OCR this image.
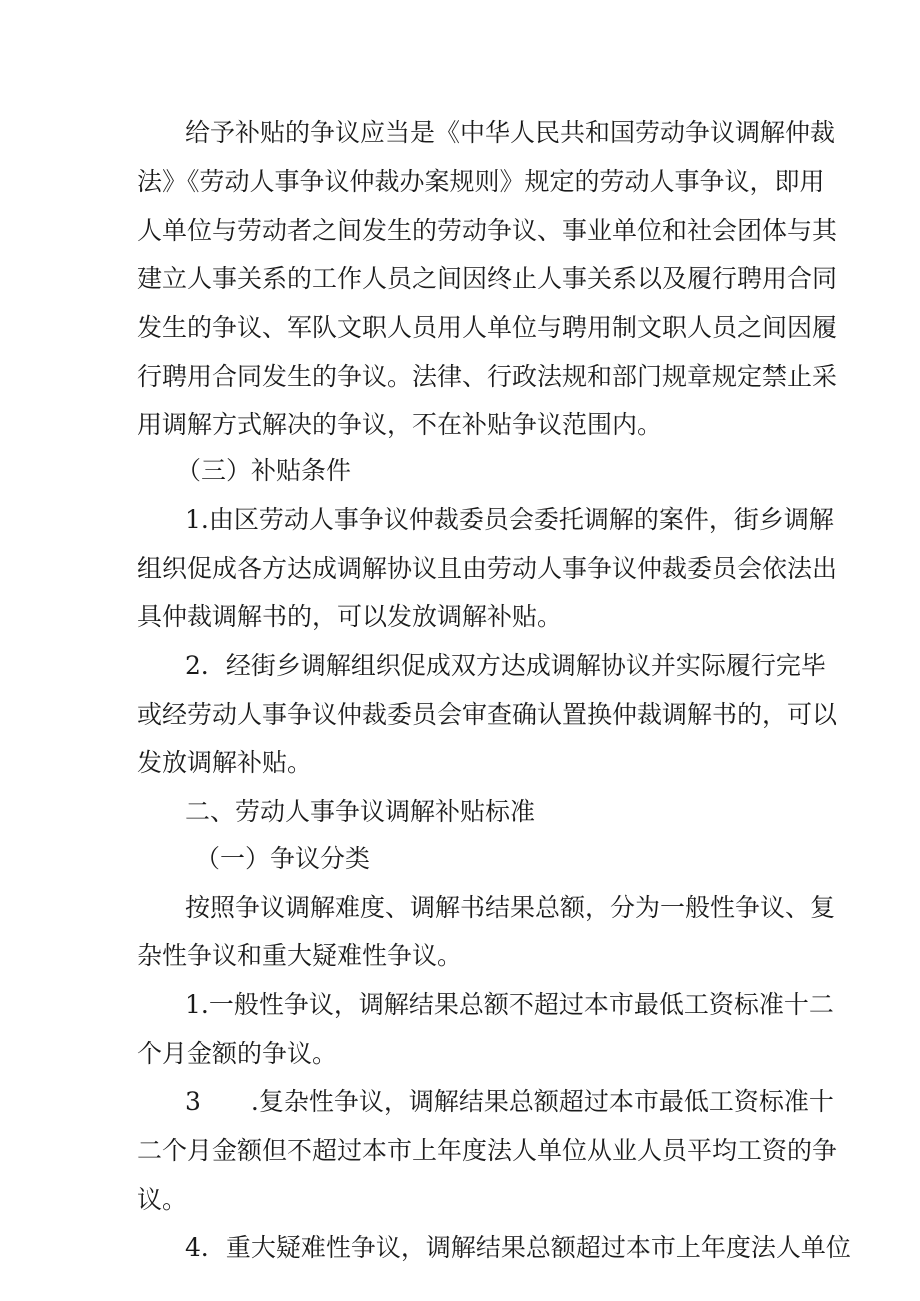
给予补贴的争议应当是《中华人民共和国劳动争议调解仲裁
法》《劳动人事争议仲裁办案规则》规定的劳动人事争议，即用
人单位与劳动者之间发生的劳动争议、事业单位和社会团体与其
建立人事关系的工作人员之间因终止人事关系以及履行聘用合同
发生的争议、军队文职人员用人单位与聘用制文职人员之间因履
行聘用合同发生的争议。法律、行政法规和部门规章规定禁止采
用调解方式解决的争议，不在补贴争议范围内。
（三）补贴条件
1.由区劳动人事争议仲裁委员会委托调解的案件，街乡调解
组织促成各方达成调解协议且由劳动人事争议仲裁委员会依法出
具仲裁调解书的，可以发放调解补贴。
2．经街乡调解组织促成双方达成调解协议并实际履行完毕
或经劳动人事争议仲裁委员会审查确认置换仲裁调解书的，可以
发放调解补贴。
二、劳动人事争议调解补贴标准
（一）争议分类
按照争议调解难度、调解书结果总额，分为一般性争议、复
杂性争议和重大疑难性争议。
1.一般性争议，调解结果总额不超过本市最低工资标准十二
个月金额的争议。
3　　.复杂性争议，调解结果总额超过本市最低工资标准十
二个月金额但不超过本市上年度法人单位从业人员平均工资的争
议。
4．重大疑难性争议，调解结果总额超过本市上年度法人单位
